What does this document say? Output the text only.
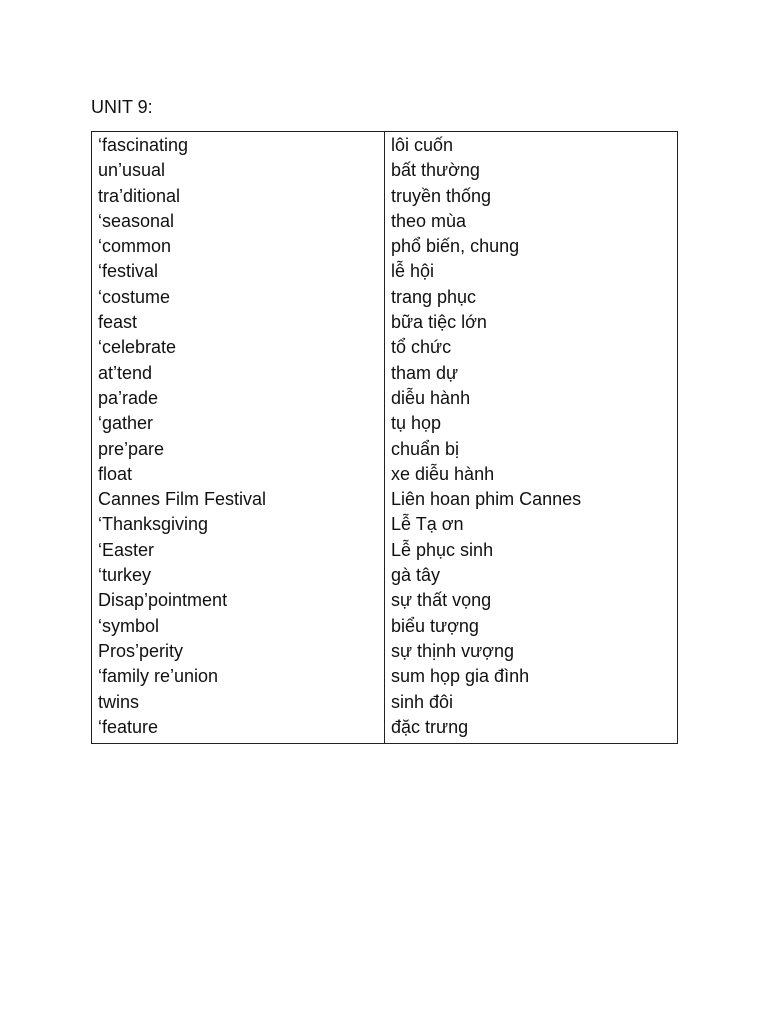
UNIT 9:
‘fascinating
un’usual
tra’ditional
‘seasonal
‘common
‘festival
‘costume
feast
‘celebrate
at’tend
pa’rade
‘gather
pre’pare
float
Cannes Film Festival
‘Thanksgiving
‘Easter
‘turkey
Disap’pointment
‘symbol
Pros’perity
‘family re’union
twins
‘feature
lôi cuốn
bất thường
truyền thống
theo mùa
phổ biến, chung
lễ hội
trang phục
bữa tiệc lớn
tổ chức
tham dự
diễu hành
tụ họp
chuẩn bị
xe diễu hành
Liên hoan phim Cannes
Lễ Tạ ơn
Lễ phục sinh
gà tây
sự thất vọng
biểu tượng
sự thịnh vượng
sum họp gia đình
sinh đôi
đặc trưng
